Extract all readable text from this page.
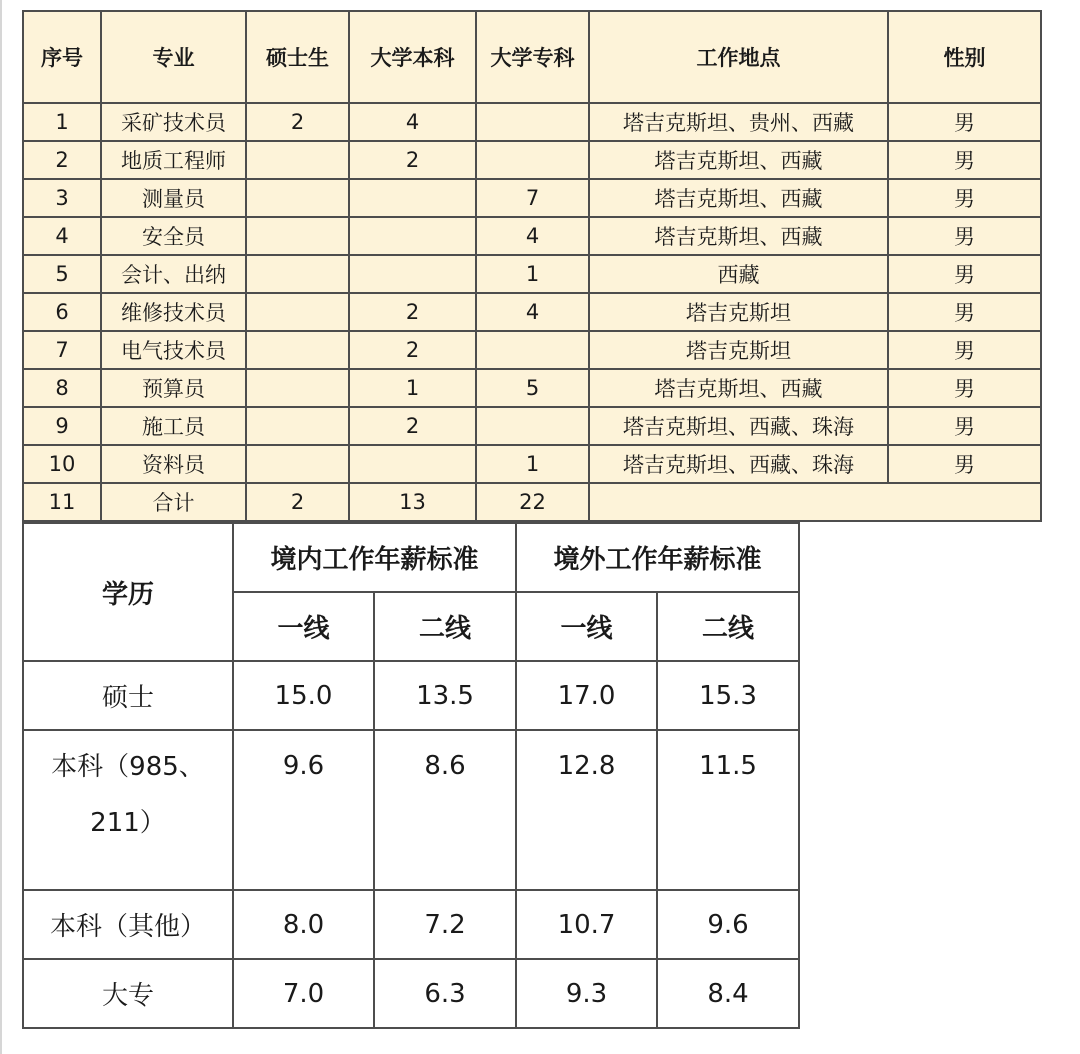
序号	专业	硕士生	大学本科	大学专科	工作地点	性别
1	采矿技术员	2	4		塔吉克斯坦、贵州、西藏	男
2	地质工程师		2		塔吉克斯坦、西藏	男
3	测量员			7	塔吉克斯坦、西藏	男
4	安全员			4	塔吉克斯坦、西藏	男
5	会计、出纳			1	西藏	男
6	维修技术员		2	4	塔吉克斯坦	男
7	电气技术员		2		塔吉克斯坦	男
8	预算员		1	5	塔吉克斯坦、西藏	男
9	施工员		2		塔吉克斯坦、西藏、珠海	男
10	资料员			1	塔吉克斯坦、西藏、珠海	男
11	合计	2	13	22		
学历	境内工作年薪标准		境外工作年薪标准	
	一线	二线	一线	二线
硕士	15.0	13.5	17.0	15.3
本科（985、211）	9.6	8.6	12.8	11.5
本科（其他）	8.0	7.2	10.7	9.6
大专	7.0	6.3	9.3	8.4
